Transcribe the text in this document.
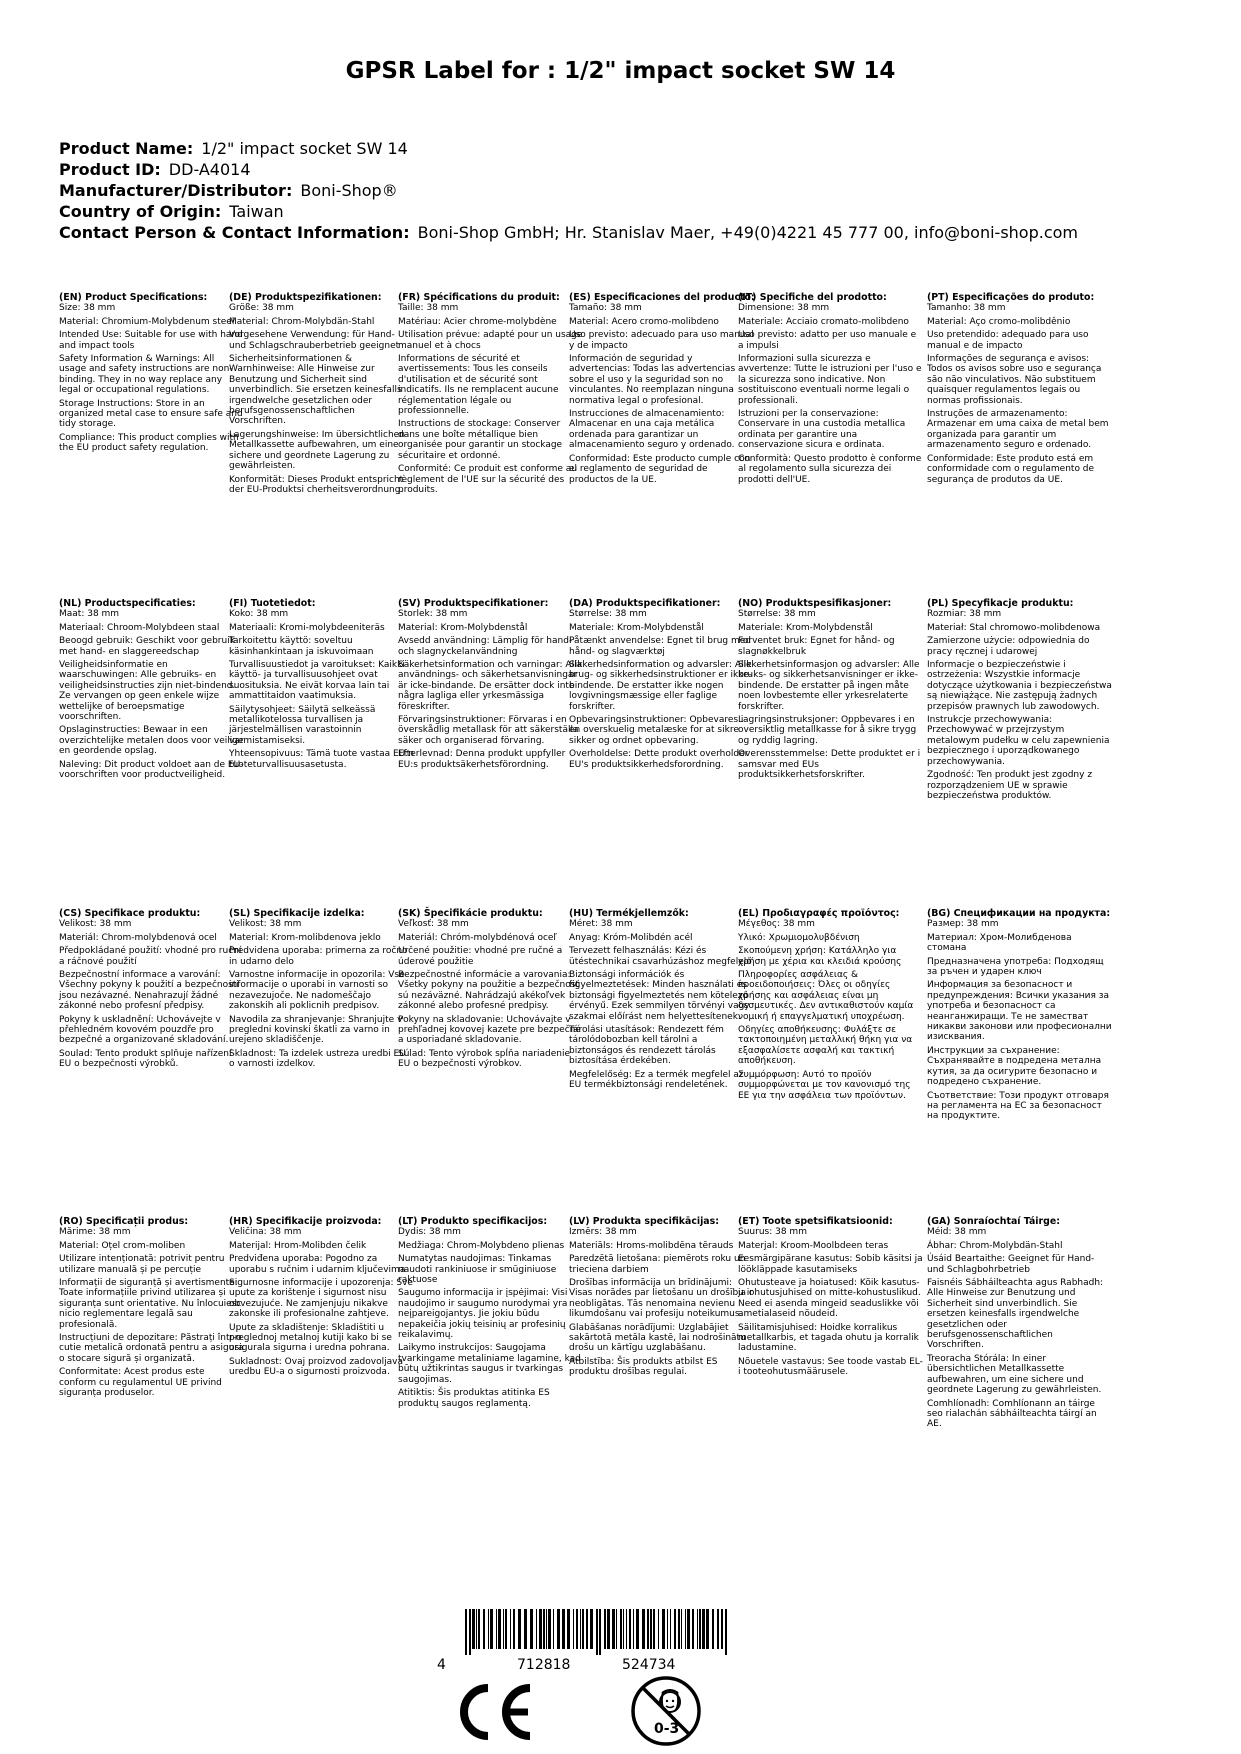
GPSR Label for : 1/2" impact socket SW 14
Product Name: 1/2" impact socket SW 14
Product ID: DD-A4014
Manufacturer/Distributor: Boni-Shop®
Country of Origin: Taiwan
Contact Person & Contact Information: Boni-Shop GmbH; Hr. Stanislav Maer, +49(0)4221 45 777 00, info@boni-shop.com
(EN) Product Specifications:
Size: 38 mm
Material: Chromium-Molybdenum steel
Intended Use: Suitable for use with hand and impact tools
Safety Information & Warnings: All usage and safety instructions are non-binding. They in no way replace any legal or occupational regulations.
Storage Instructions: Store in an organized metal case to ensure safe and tidy storage.
Compliance: This product complies with the EU product safety regulation.
(DE) Produktspezifikationen:
Größe: 38 mm
Material: Chrom-Molybdän-Stahl
Vorgesehene Verwendung: für Hand- und Schlagschrauberbetrieb geeignet
Sicherheitsinformationen & Warnhinweise: Alle Hinweise zur Benutzung und Sicherheit sind unverbindlich. Sie ersetzen keinesfalls irgendwelche gesetzlichen oder berufsgenossenschaftlichen Vorschriften.
Lagerungshinweise: Im übersichtlichen Metallkassette aufbewahren, um eine sichere und geordnete Lagerung zu gewährleisten.
Konformität: Dieses Produkt entspricht der EU-Produktsi cherheitsverordnung.
(FR) Spécifications du produit:
Taille: 38 mm
Matériau: Acier chrome-molybdène
Utilisation prévue: adapté pour un usage manuel et à chocs
Informations de sécurité et avertissements: Tous les conseils d'utilisation et de sécurité sont indicatifs. Ils ne remplacent aucune réglementation légale ou professionnelle.
Instructions de stockage: Conserver dans une boîte métallique bien organisée pour garantir un stockage sécuritaire et ordonné.
Conformité: Ce produit est conforme au règlement de l'UE sur la sécurité des produits.
(ES) Especificaciones del producto:
Tamaño: 38 mm
Material: Acero cromo-molibdeno
Uso previsto: adecuado para uso manual y de impacto
Información de seguridad y advertencias: Todas las advertencias sobre el uso y la seguridad son no vinculantes. No reemplazan ninguna normativa legal o profesional.
Instrucciones de almacenamiento: Almacenar en una caja metálica ordenada para garantizar un almacenamiento seguro y ordenado.
Conformidad: Este producto cumple con el reglamento de seguridad de productos de la UE.
(IT) Specifiche del prodotto:
Dimensione: 38 mm
Materiale: Acciaio cromato-molibdeno
Uso previsto: adatto per uso manuale e a impulsi
Informazioni sulla sicurezza e avvertenze: Tutte le istruzioni per l'uso e la sicurezza sono indicative. Non sostituiscono eventuali norme legali o professionali.
Istruzioni per la conservazione: Conservare in una custodia metallica ordinata per garantire una conservazione sicura e ordinata.
Conformità: Questo prodotto è conforme al regolamento sulla sicurezza dei prodotti dell'UE.
(PT) Especificações do produto:
Tamanho: 38 mm
Material: Aço cromo-molibdênio
Uso pretendido: adequado para uso manual e de impacto
Informações de segurança e avisos: Todos os avisos sobre uso e segurança são não vinculativos. Não substituem quaisquer regulamentos legais ou normas profissionais.
Instruções de armazenamento: Armazenar em uma caixa de metal bem organizada para garantir um armazenamento seguro e ordenado.
Conformidade: Este produto está em conformidade com o regulamento de segurança de produtos da UE.
(NL) Productspecificaties:
Maat: 38 mm
Materiaal: Chroom-Molybdeen staal
Beoogd gebruik: Geschikt voor gebruik met hand- en slaggereedschap
Veiligheidsinformatie en waarschuwingen: Alle gebruiks- en veiligheidsinstructies zijn niet-bindend. Ze vervangen op geen enkele wijze wettelijke of beroepsmatige voorschriften.
Opslaginstructies: Bewaar in een overzichtelijke metalen doos voor veilige en geordende opslag.
Naleving: Dit product voldoet aan de EU-voorschriften voor productveiligheid.
(FI) Tuotetiedot:
Koko: 38 mm
Materiaali: Kromi-molybdeeniteräs
Tarkoitettu käyttö: soveltuu käsinhankintaan ja iskuvoimaan
Turvallisuustiedot ja varoitukset: Kaikki käyttö- ja turvallisuusohjeet ovat suosituksia. Ne eivät korvaa lain tai ammattitaidon vaatimuksia.
Säilytysohjeet: Säilytä selkeässä metallikotelossa turvallisen ja järjestelmällisen varastoinnin varmistamiseksi.
Yhteensopivuus: Tämä tuote vastaa EU:n tuoteturvallisuusasetusta.
(SV) Produktspecifikationer:
Storlek: 38 mm
Material: Krom-Molybdenstål
Avsedd användning: Lämplig för hand- och slagnyckelanvändning
Säkerhetsinformation och varningar: Alla användnings- och säkerhetsanvisningar är icke-bindande. De ersätter dock inte några lagliga eller yrkesmässiga föreskrifter.
Förvaringsinstruktioner: Förvaras i en överskådlig metallask för att säkerställa säker och organiserad förvaring.
Efterlevnad: Denna produkt uppfyller EU:s produktsäkerhetsförordning.
(DA) Produktspecifikationer:
Størrelse: 38 mm
Materiale: Krom-Molybdenstål
Påtænkt anvendelse: Egnet til brug med hånd- og slagværktøj
Sikkerhedsinformation og advarsler: Alle brug- og sikkerhedsinstruktioner er ikke-bindende. De erstatter ikke nogen lovgivningsmæssige eller faglige forskrifter.
Opbevaringsinstruktioner: Opbevares i en overskuelig metalæske for at sikre sikker og ordnet opbevaring.
Overholdelse: Dette produkt overholder EU's produktsikkerhedsforordning.
(NO) Produktspesifikasjoner:
Størrelse: 38 mm
Materiale: Krom-Molybdenstål
Forventet bruk: Egnet for hånd- og slagnøkkelbruk
Sikkerhetsinformasjon og advarsler: Alle bruks- og sikkerhetsanvisninger er ikke-bindende. De erstatter på ingen måte noen lovbestemte eller yrkesrelaterte forskrifter.
Lagringsinstruksjoner: Oppbevares i en oversiktlig metallkasse for å sikre trygg og ryddig lagring.
Overensstemmelse: Dette produktet er i samsvar med EUs produktsikkerhetsforskrifter.
(PL) Specyfikacje produktu:
Rozmiar: 38 mm
Materiał: Stal chromowo-molibdenowa
Zamierzone użycie: odpowiednia do pracy ręcznej i udarowej
Informacje o bezpieczeństwie i ostrzeżenia: Wszystkie informacje dotyczące użytkowania i bezpieczeństwa są niewiążące. Nie zastępują żadnych przepisów prawnych lub zawodowych.
Instrukcje przechowywania: Przechowywać w przejrzystym metalowym pudełku w celu zapewnienia bezpiecznego i uporządkowanego przechowywania.
Zgodność: Ten produkt jest zgodny z rozporządzeniem UE w sprawie bezpieczeństwa produktów.
(CS) Specifikace produktu:
Velikost: 38 mm
Materiál: Chrom-molybdenová ocel
Předpokládané použití: vhodné pro ruční a ráčnové použití
Bezpečnostní informace a varování: Všechny pokyny k použití a bezpečnosti jsou nezávazné. Nenahrazují žádné zákonné nebo profesní předpisy.
Pokyny k uskladnění: Uchovávejte v přehledném kovovém pouzdře pro bezpečné a organizované skladování.
Soulad: Tento produkt splňuje nařízení EU o bezpečnosti výrobků.
(SL) Specifikacije izdelka:
Velikost: 38 mm
Material: Krom-molibdenova jeklo
Predvidena uporaba: primerna za ročno in udarno delo
Varnostne informacije in opozorila: Vse informacije o uporabi in varnosti so nezavezujoče. Ne nadomeščajo zakonskih ali poklicnih predpisov.
Navodila za shranjevanje: Shranjujte v pregledni kovinski škatli za varno in urejeno skladiščenje.
Skladnost: Ta izdelek ustreza uredbi EU o varnosti izdelkov.
(SK) Špecifikácie produktu:
Veľkosť: 38 mm
Materiál: Chróm-molybdénová oceľ
Určené použitie: vhodné pre ručné a úderové použitie
Bezpečnostné informácie a varovania: Všetky pokyny na použitie a bezpečnosť sú nezáväzné. Nahrádzajú akékoľvek zákonné alebo profesné predpisy.
Pokyny na skladovanie: Uchovávajte v prehľadnej kovovej kazete pre bezpečné a usporiadané skladovanie.
Súlad: Tento výrobok spĺňa nariadenie EU o bezpečnosti výrobkov.
(HU) Termékjellemzők:
Méret: 38 mm
Anyag: Króm-Molibdén acél
Tervezett felhasználás: Kézi és ütéstechnikai csavarhúzáshoz megfelelő
Biztonsági információk és figyelmeztetések: Minden használati és biztonsági figyelmeztetés nem kötelező érvényű. Ezek semmilyen törvényi vagy szakmai előírást nem helyettesítenek.
Tárolási utasítások: Rendezett fém tárolódobozban kell tárolni a biztonságos és rendezett tárolás biztosítása érdekében.
Megfelelőség: Ez a termék megfelel az EU termékbiztonsági rendeletének.
(EL) Προδιαγραφές προϊόντος:
Μέγεθος: 38 mm
Υλικό: Χρωμιομολυβδένιση
Σκοπούμενη χρήση: Κατάλληλο για χρήση με χέρια και κλειδιά κρούσης
Πληροφορίες ασφάλειας & προειδοποιήσεις: Όλες οι οδηγίες χρήσης και ασφάλειας είναι μη δεσμευτικές. Δεν αντικαθιστούν καμία νομική ή επαγγελματική υποχρέωση.
Οδηγίες αποθήκευσης: Φυλάξτε σε τακτοποιημένη μεταλλική θήκη για να εξασφαλίσετε ασφαλή και τακτική αποθήκευση.
Συμμόρφωση: Αυτό το προϊόν συμμορφώνεται με τον κανονισμό της ΕΕ για την ασφάλεια των προϊόντων.
(BG) Спецификации на продукта:
Размер: 38 mm
Материал: Хром-Молибденова стомана
Предназначена употреба: Подходящ за ръчен и ударен ключ
Информация за безопасност и предупреждения: Всички указания за употреба и безопасност са неанганжиращи. Те не заместват никакви законови или професионални изисквания.
Инструкции за съхранение: Съхранявайте в подредена метална кутия, за да осигурите безопасно и подредено съхранение.
Съответствие: Този продукт отговаря на регламента на ЕС за безопасност на продуктите.
(RO) Specificații produs:
Mărime: 38 mm
Material: Oțel crom-moliben
Utilizare intenționată: potrivit pentru utilizare manuală și pe percuție
Informații de siguranță și avertismente: Toate informațiile privind utilizarea și siguranța sunt orientative. Nu înlocuiesc nicio reglementare legală sau profesională.
Instrucțiuni de depozitare: Păstrați într-o cutie metalică ordonată pentru a asigura o stocare sigură și organizată.
Conformitate: Acest produs este conform cu regulamentul UE privind siguranța produselor.
(HR) Specifikacije proizvoda:
Veličina: 38 mm
Materijal: Hrom-Molibden čelik
Predviđena uporaba: Pogodno za uporabu s ručnim i udarnim ključevima
Sigurnosne informacije i upozorenja: Sve upute za korištenje i sigurnost nisu obvezujuće. Ne zamjenjuju nikakve zakonske ili profesionalne zahtjeve.
Upute za skladištenje: Skladištiti u preglednoj metalnoj kutiji kako bi se osigurala sigurna i uredna pohrana.
Sukladnost: Ovaj proizvod zadovoljava uredbu EU-a o sigurnosti proizvoda.
(LT) Produkto specifikacijos:
Dydis: 38 mm
Medžiaga: Chrom-Molybdeno plienas
Numatytas naudojimas: Tinkamas naudoti rankiniuose ir smūginiuose raktuose
Saugumo informacija ir įspėjimai: Visi naudojimo ir saugumo nurodymai yra neįpareigojantys. Jie jokiu būdu nepakeičia jokių teisinių ar profesinių reikalavimų.
Laikymo instrukcijos: Saugojama tvarkingame metaliniame lagamine, kad būtų užtikrintas saugus ir tvarkingas saugojimas.
Atitiktis: Šis produktas atitinka ES produktų saugos reglamentą.
(LV) Produkta specifikācijas:
Izmērs: 38 mm
Materiāls: Hroms-molibdēna tērauds
Paredzētā lietošana: piemērots roku un trieciena darbiem
Drošības informācija un brīdinājumi: Visas norādes par lietošanu un drošību ir neobligātas. Tās nenomaina nevienu likumdošanu vai profesiju noteikumus.
Glabāšanas norādījumi: Uzglabājiet sakārtotā metāla kastē, lai nodrošinātu drošu un kārtīgu uzglabāšanu.
Atbilstība: Šis produkts atbilst ES produktu drošības regulai.
(ET) Toote spetsifikatsioonid:
Suurus: 38 mm
Materjal: Kroom-Moolbdeen teras
Eesmärgipärane kasutus: Sobib käsitsi ja löökläppade kasutamiseks
Ohutusteave ja hoiatused: Kõik kasutus- ja ohutusjuhised on mitte-kohustuslikud. Need ei asenda mingeid seaduslikke või ametialaseid nõudeid.
Säilitamisjuhised: Hoidke korralikus metallkarbis, et tagada ohutu ja korralik ladustamine.
Nõuetele vastavus: See toode vastab EL-i tooteohutusmäärusele.
(GA) Sonraíochtaí Táirge:
Méid: 38 mm
Ábhar: Chrom-Molybdän-Stahl
Úsáid Beartaithe: Geeignet für Hand- und Schlagbohrbetrieb
Faisnéis Sábháilteachta agus Rabhadh: Alle Hinweise zur Benutzung und Sicherheit sind unverbindlich. Sie ersetzen keinesfalls irgendwelche gesetzlichen oder berufsgenossenschaftlichen Vorschriften.
Treoracha Stórála: In einer übersichtlichen Metallkassette aufbewahren, um eine sichere und geordnete Lagerung zu gewährleisten.
Comhlíonadh: Comhlíonann an táirge seo rialachán sábháilteachta táirgí an AE.
4	712818	524734
0-3
